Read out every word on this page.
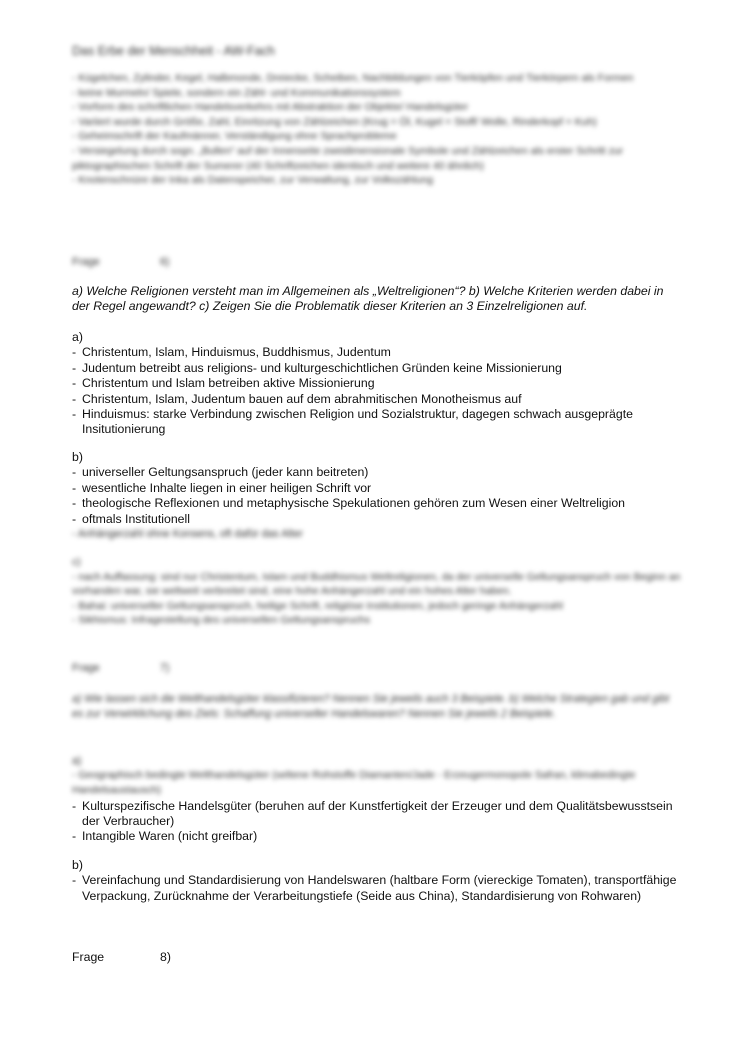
Das Erbe der Menschheit - AW-Fach
- Kügelchen, Zylinder, Kegel, Halbmonde, Dreiecke, Scheiben, Nachbildungen von Tierköpfen und Tierkörpern als Formen
- keine Murmeln/ Spiele, sondern ein Zähl- und Kommunikationssystem
- Vorform des schriftlichen Handelsverkehrs mit Abstraktion der Objekte/ Handelsgüter
- Variiert wurde durch Größe, Zahl, Einritzung von Zählzeichen (Krug = Öl, Kugel = Stoff/ Wolle, Rinderkopf = Kuh)
- Geheimschrift der Kaufmänner, Verständigung ohne Sprachprobleme
- Versiegelung durch sogn. „Bullen“ auf der Innenseite zweidimensionale Symbole und Zählzeichen als erster Schritt zur piktographischen Schrift der Sumerer (40 Schriftzeichen identisch und weitere 40 ähnlich)
- Knotenschnüre der Inka als Datenspeicher, zur Verwaltung, zur Volkszählung
Frage	6)
a) Welche Religionen versteht man im Allgemeinen als „Weltreligionen“? b) Welche Kriterien werden dabei in der Regel angewandt? c) Zeigen Sie die Problematik dieser Kriterien an 3 Einzelreligionen auf.
a)
- Christentum, Islam, Hinduismus, Buddhismus, Judentum
- Judentum betreibt aus religions- und kulturgeschichtlichen Gründen keine Missionierung
- Christentum und Islam betreiben aktive Missionierung
- Christentum, Islam, Judentum bauen auf dem abrahmitischen Monotheismus auf
- Hinduismus: starke Verbindung zwischen Religion und Sozialstruktur, dagegen schwach ausgeprägte Insitutionierung
b)
- universeller Geltungsanspruch (jeder kann beitreten)
- wesentliche Inhalte liegen in einer heiligen Schrift vor
- theologische Reflexionen und metaphysische Spekulationen gehören zum Wesen einer Weltreligion
- oftmals Institutionell
- Anhängerzahl ohne Konsens, oft dafür das Alter
c)
- nach Auffassung: sind nur Christentum, Islam und Buddhismus Weltreligionen, da der universelle Geltungsanspruch von Beginn an vorhanden war, sie weltweit verbreitet sind, eine hohe Anhängerzahl und ein hohes Alter haben.
- Bahai: universeller Geltungsanspruch, heilige Schrift, religiöse Institutionen, jedoch geringe Anhängerzahl
- Sikhismus: Infragestellung des universellen Geltungsanspruchs
Frage	7)
a) Wie lassen sich die Welthandelsgüter klassifizieren? Nennen Sie jeweils auch 3 Beispiele. b) Welche Strategien gab und gibt es zur Verwirklichung des Ziels: Schaffung universeller Handelswaren? Nennen Sie jeweils 2 Beispiele.
a)
- Geographisch bedingte Welthandelsgüter (seltene Rohstoffe Diamanten/Jade - Erzeugermonopole Safran, klimabedingte Handelsaustausch)
- Kulturspezifische Handelsgüter (beruhen auf der Kunstfertigkeit der Erzeuger und dem Qualitätsbewusstsein der Verbraucher)
- Intangible Waren (nicht greifbar)
b)
- Vereinfachung und Standardisierung von Handelswaren (haltbare Form (viereckige Tomaten), transportfähige Verpackung, Zurücknahme der Verarbeitungstiefe (Seide aus China), Standardisierung von Rohwaren)
Frage	8)
